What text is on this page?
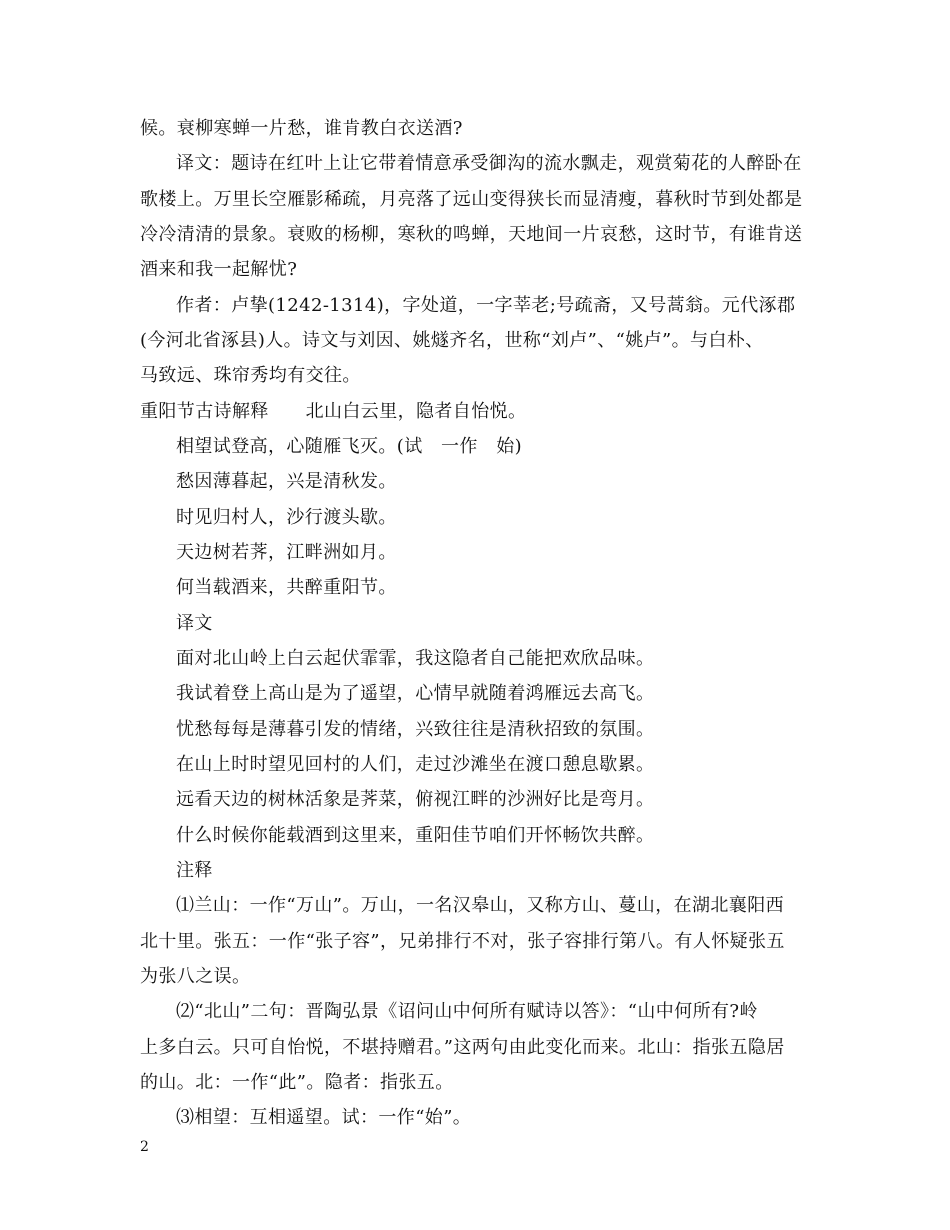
候。衰柳寒蝉一片愁，谁肯教白衣送酒?
译文：题诗在红叶上让它带着情意承受御沟的流水飘走，观赏菊花的人醉卧在
歌楼上。万里长空雁影稀疏，月亮落了远山变得狭长而显清瘦，暮秋时节到处都是
冷冷清清的景象。衰败的杨柳，寒秋的鸣蝉，天地间一片哀愁，这时节，有谁肯送
酒来和我一起解忧?
作者：卢挚(1242-1314)，字处道，一字莘老;号疏斋，又号蒿翁。元代涿郡
(今河北省涿县)人。诗文与刘因、姚燧齐名，世称“刘卢”、“姚卢”。与白朴、
马致远、珠帘秀均有交往。
重阳节古诗解释　　北山白云里，隐者自怡悦。
相望试登高，心随雁飞灭。(试　一作　始)
愁因薄暮起，兴是清秋发。
时见归村人，沙行渡头歇。
天边树若荠，江畔洲如月。
何当载酒来，共醉重阳节。
译文
面对北山岭上白云起伏霏霏，我这隐者自己能把欢欣品味。
我试着登上高山是为了遥望，心情早就随着鸿雁远去高飞。
忧愁每每是薄暮引发的情绪，兴致往往是清秋招致的氛围。
在山上时时望见回村的人们，走过沙滩坐在渡口憩息歇累。
远看天边的树林活象是荠菜，俯视江畔的沙洲好比是弯月。
什么时候你能载酒到这里来，重阳佳节咱们开怀畅饮共醉。
注释
⑴兰山：一作“万山”。万山，一名汉皋山，又称方山、蔓山，在湖北襄阳西
北十里。张五：一作“张子容”，兄弟排行不对，张子容排行第八。有人怀疑张五
为张八之误。
⑵“北山”二句：晋陶弘景《诏问山中何所有赋诗以答》：“山中何所有?岭
上多白云。只可自怡悦，不堪持赠君。”这两句由此变化而来。北山：指张五隐居
的山。北：一作“此”。隐者：指张五。
⑶相望：互相遥望。试：一作“始”。
2
